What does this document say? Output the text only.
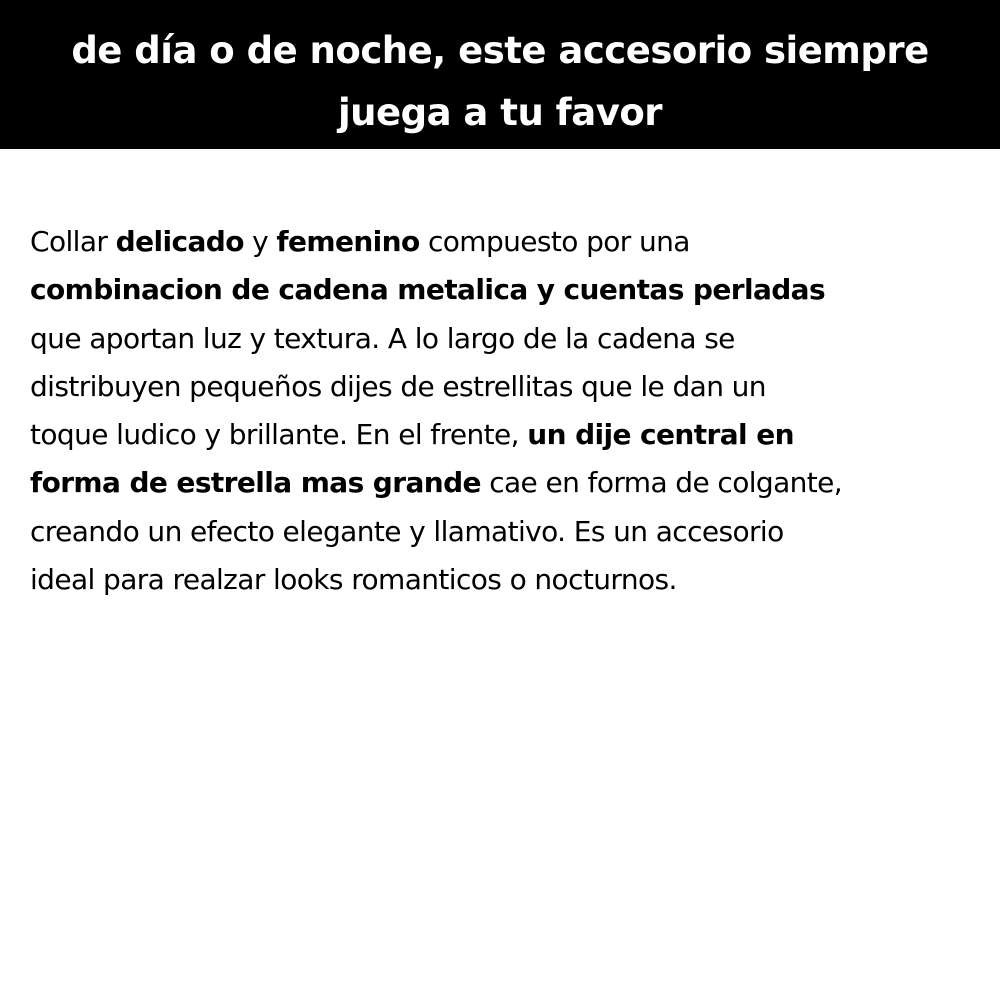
de día o de noche, este accesorio siempre juega a tu favor
Collar delicado y femenino compuesto por una
combinacion de cadena metalica y cuentas perladas
que aportan luz y textura. A lo largo de la cadena se
distribuyen pequeños dijes de estrellitas que le dan un
toque ludico y brillante. En el frente, un dije central en
forma de estrella mas grande cae en forma de colgante,
creando un efecto elegante y llamativo. Es un accesorio
ideal para realzar looks romanticos o nocturnos.
